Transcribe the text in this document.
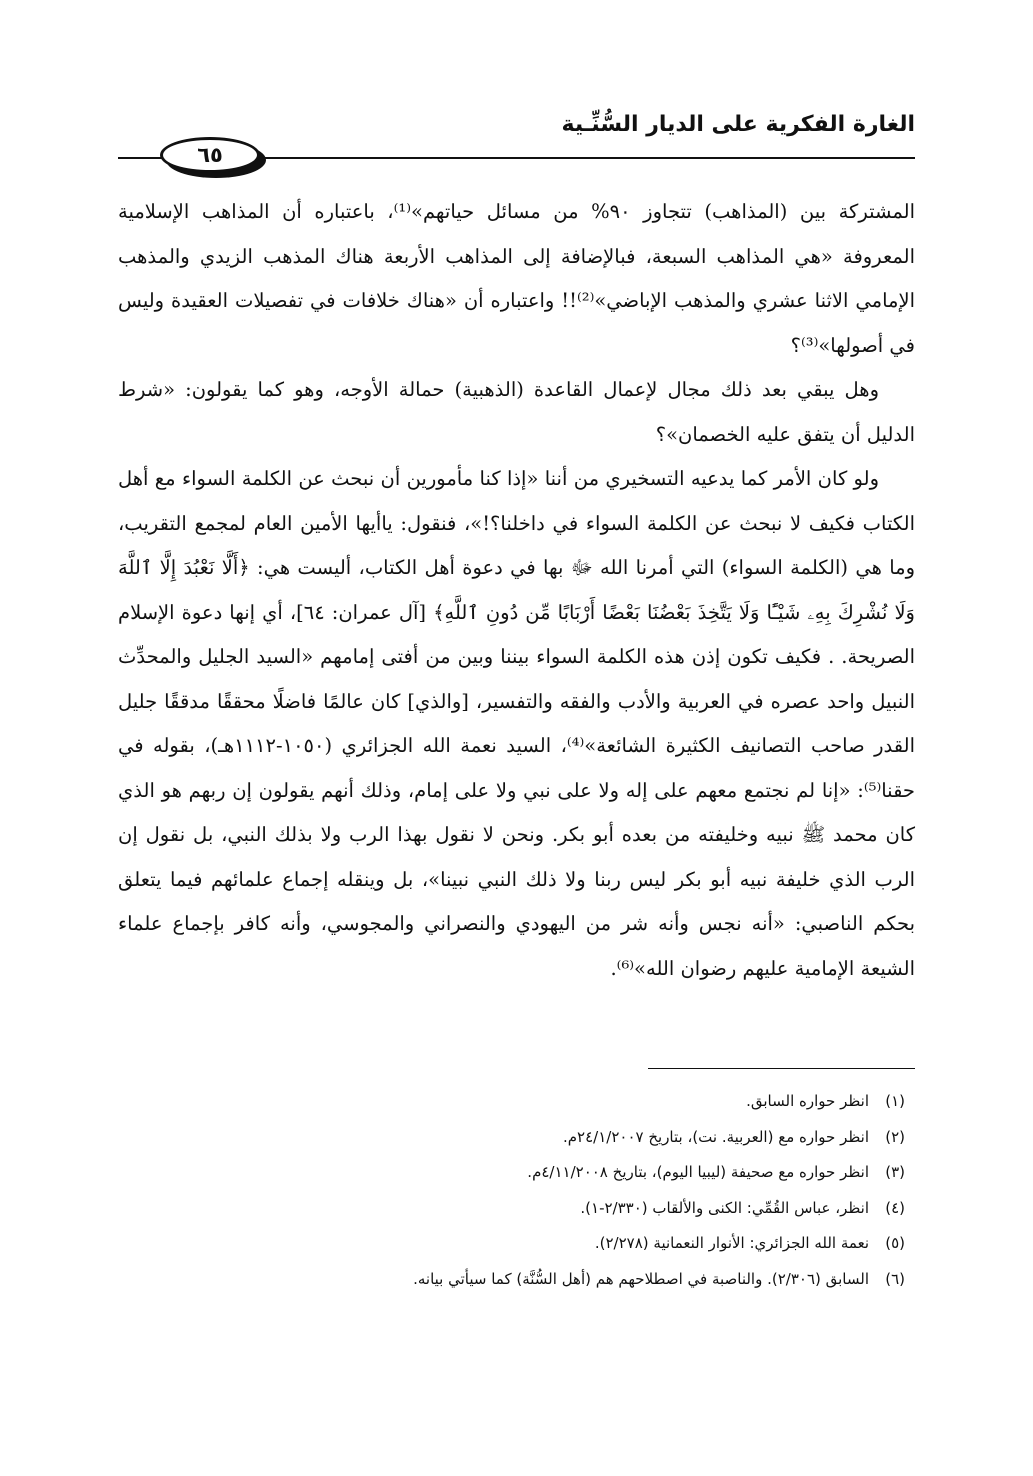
الغارة الفكرية على الديار السُّنِّـية
٦٥

المشتركة بين (المذاهب) تتجاوز ٩٠% من مسائل حياتهم»⁽¹⁾، باعتباره أن المذاهب الإسلامية المعروفة «هي المذاهب السبعة، فبالإضافة إلى المذاهب الأربعة هناك المذهب الزيدي والمذهب الإمامي الاثنا عشري والمذهب الإباضي»⁽²⁾!! واعتباره أن «هناك خلافات في تفصيلات العقيدة وليس في أصولها»⁽³⁾؟

وهل يبقي بعد ذلك مجال لإعمال القاعدة (الذهبية) حمالة الأوجه، وهو كما يقولون: «شرط الدليل أن يتفق عليه الخصمان»؟

ولو كان الأمر كما يدعيه التسخيري من أننا «إذا كنا مأمورين أن نبحث عن الكلمة السواء مع أهل الكتاب فكيف لا نبحث عن الكلمة السواء في داخلنا؟!»، فنقول: ياأيها الأمين العام لمجمع التقريب، وما هي (الكلمة السواء) التي أمرنا الله ﷻ بها في دعوة أهل الكتاب، أليست هي: ﴿أَلَّا نَعْبُدَ إِلَّا ٱللَّهَ وَلَا نُشْرِكَ بِهِۦ شَيْـًٔا وَلَا يَتَّخِذَ بَعْضُنَا بَعْضًا أَرْبَابًا مِّن دُونِ ٱللَّهِ﴾ [آل عمران: ٦٤]، أي إنها دعوة الإسلام الصريحة. . فكيف تكون إذن هذه الكلمة السواء بيننا وبين من أفتى إمامهم «السيد الجليل والمحدِّث النبيل واحد عصره في العربية والأدب والفقه والتفسير، [والذي] كان عالمًا فاضلًا محققًا مدققًا جليل القدر صاحب التصانيف الكثيرة الشائعة»⁽⁴⁾، السيد نعمة الله الجزائري (١٠٥٠-١١١٢هـ)، بقوله في حقنا⁽⁵⁾: «إنا لم نجتمع معهم على إله ولا على نبي ولا على إمام، وذلك أنهم يقولون إن ربهم هو الذي كان محمد ﷺ نبيه وخليفته من بعده أبو بكر. ونحن لا نقول بهذا الرب ولا بذلك النبي، بل نقول إن الرب الذي خليفة نبيه أبو بكر ليس ربنا ولا ذلك النبي نبينا»، بل وينقله إجماع علمائهم فيما يتعلق بحكم الناصبي: «أنه نجس وأنه شر من اليهودي والنصراني والمجوسي، وأنه كافر بإجماع علماء الشيعة الإمامية عليهم رضوان الله»⁽⁶⁾.

(١)انظر حواره السابق.
(٢)انظر حواره مع (العربية. نت)، بتاريخ ٢٤/١/٢٠٠٧م.
(٣)انظر حواره مع صحيفة (ليبيا اليوم)، بتاريخ ٤/١١/٢٠٠٨م.
(٤)انظر، عباس القُمِّي: الكنى والألقاب (٢/٣٣٠-١).
(٥)نعمة الله الجزائري: الأنوار النعمانية (٢/٢٧٨).
(٦)السابق (٢/٣٠٦). والناصبة في اصطلاحهم هم (أهل السُّنَّة) كما سيأتي بيانه.
